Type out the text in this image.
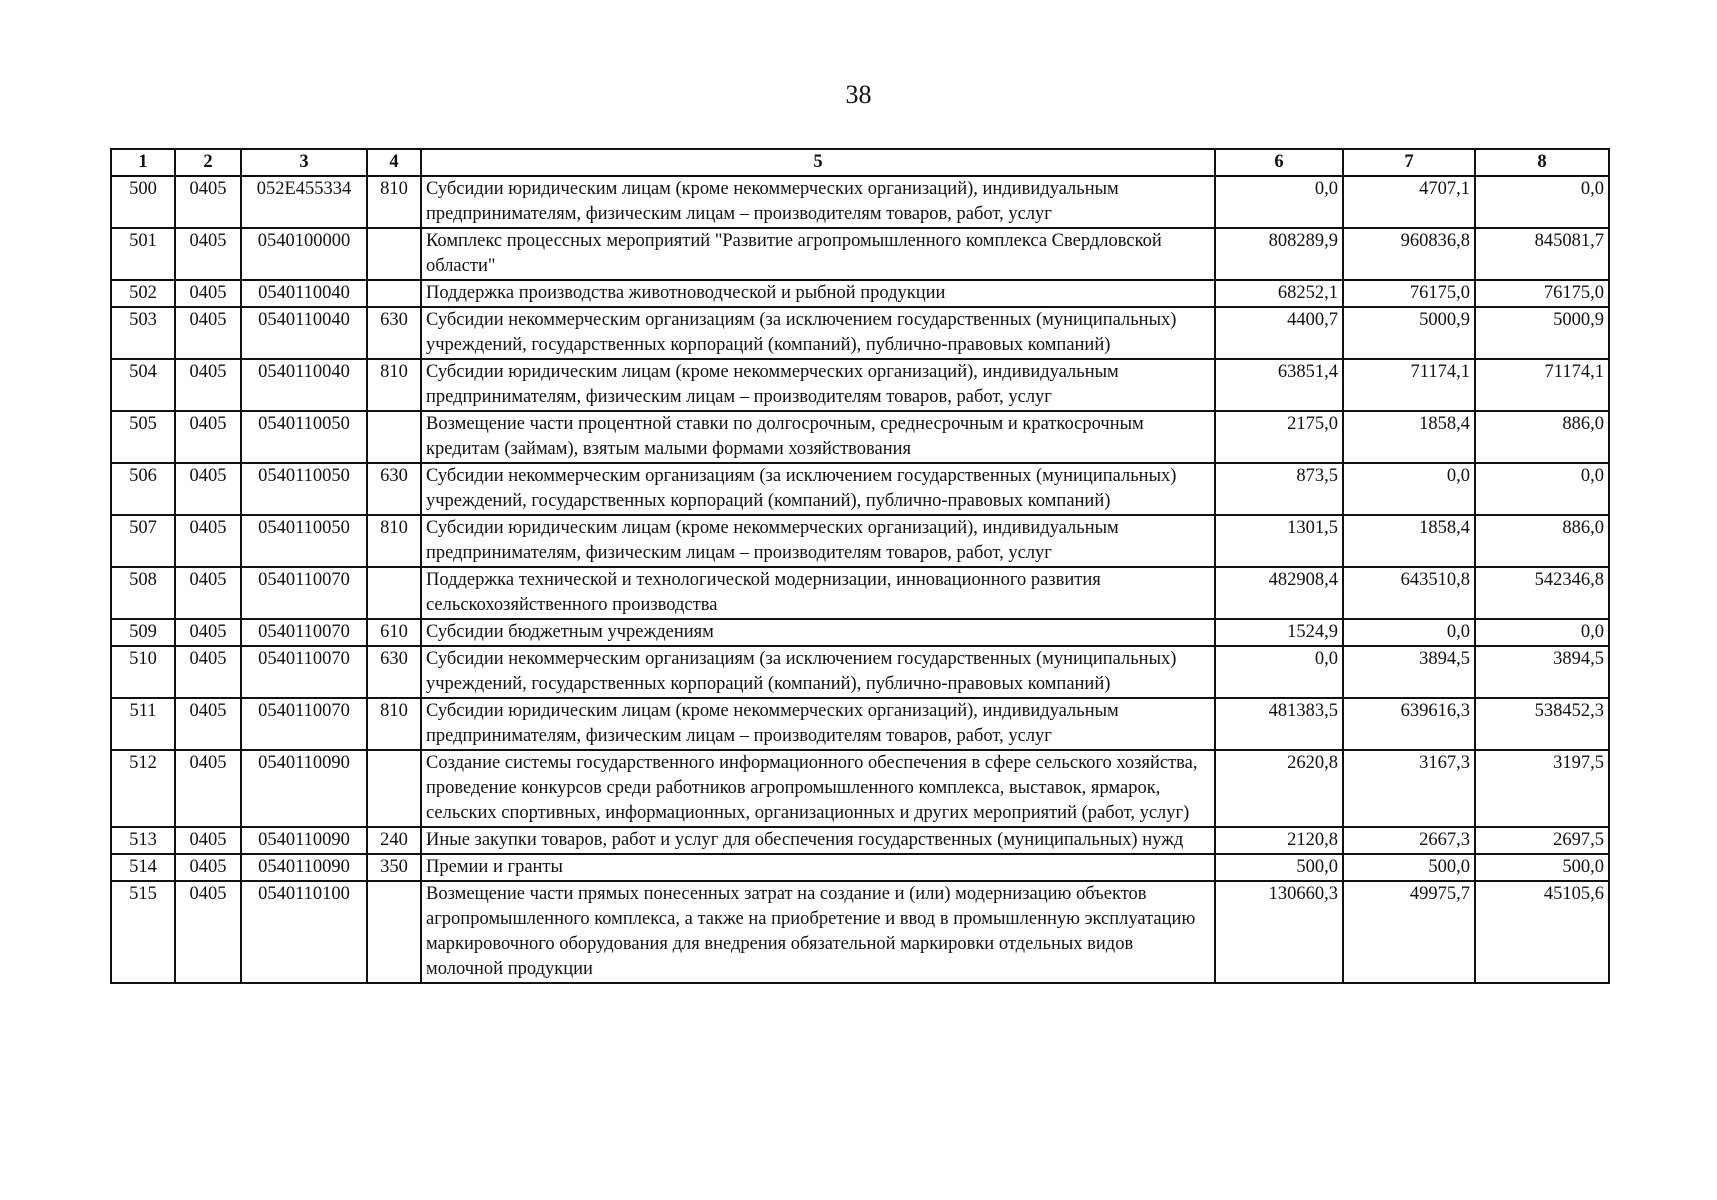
38
1	2	3	4	5	6	7	8
500	0405	052E455334	810	Субсидии юридическим лицам (кроме некоммерческих организаций), индивидуальным предпринимателям, физическим лицам – производителям товаров, работ, услуг	0,0	4707,1	0,0
501	0405	0540100000		Комплекс процессных мероприятий "Развитие агропромышленного комплекса Свердловской области"	808289,9	960836,8	845081,7
502	0405	0540110040		Поддержка производства животноводческой и рыбной продукции	68252,1	76175,0	76175,0
503	0405	0540110040	630	Субсидии некоммерческим организациям (за исключением государственных (муниципальных) учреждений, государственных корпораций (компаний), публично-правовых компаний)	4400,7	5000,9	5000,9
504	0405	0540110040	810	Субсидии юридическим лицам (кроме некоммерческих организаций), индивидуальным предпринимателям, физическим лицам – производителям товаров, работ, услуг	63851,4	71174,1	71174,1
505	0405	0540110050		Возмещение части процентной ставки по долгосрочным, среднесрочным и краткосрочным кредитам (займам), взятым малыми формами хозяйствования	2175,0	1858,4	886,0
506	0405	0540110050	630	Субсидии некоммерческим организациям (за исключением государственных (муниципальных) учреждений, государственных корпораций (компаний), публично-правовых компаний)	873,5	0,0	0,0
507	0405	0540110050	810	Субсидии юридическим лицам (кроме некоммерческих организаций), индивидуальным предпринимателям, физическим лицам – производителям товаров, работ, услуг	1301,5	1858,4	886,0
508	0405	0540110070		Поддержка технической и технологической модернизации, инновационного развития сельскохозяйственного производства	482908,4	643510,8	542346,8
509	0405	0540110070	610	Субсидии бюджетным учреждениям	1524,9	0,0	0,0
510	0405	0540110070	630	Субсидии некоммерческим организациям (за исключением государственных (муниципальных) учреждений, государственных корпораций (компаний), публично-правовых компаний)	0,0	3894,5	3894,5
511	0405	0540110070	810	Субсидии юридическим лицам (кроме некоммерческих организаций), индивидуальным предпринимателям, физическим лицам – производителям товаров, работ, услуг	481383,5	639616,3	538452,3
512	0405	0540110090		Создание системы государственного информационного обеспечения в сфере сельского хозяйства, проведение конкурсов среди работников агропромышленного комплекса, выставок, ярмарок, сельских спортивных, информационных, организационных и других мероприятий (работ, услуг)	2620,8	3167,3	3197,5
513	0405	0540110090	240	Иные закупки товаров, работ и услуг для обеспечения государственных (муниципальных) нужд	2120,8	2667,3	2697,5
514	0405	0540110090	350	Премии и гранты	500,0	500,0	500,0
515	0405	0540110100		Возмещение части прямых понесенных затрат на создание и (или) модернизацию объектов агропромышленного комплекса, а также на приобретение и ввод в промышленную эксплуатацию маркировочного оборудования для внедрения обязательной маркировки отдельных видов молочной продукции	130660,3	49975,7	45105,6
